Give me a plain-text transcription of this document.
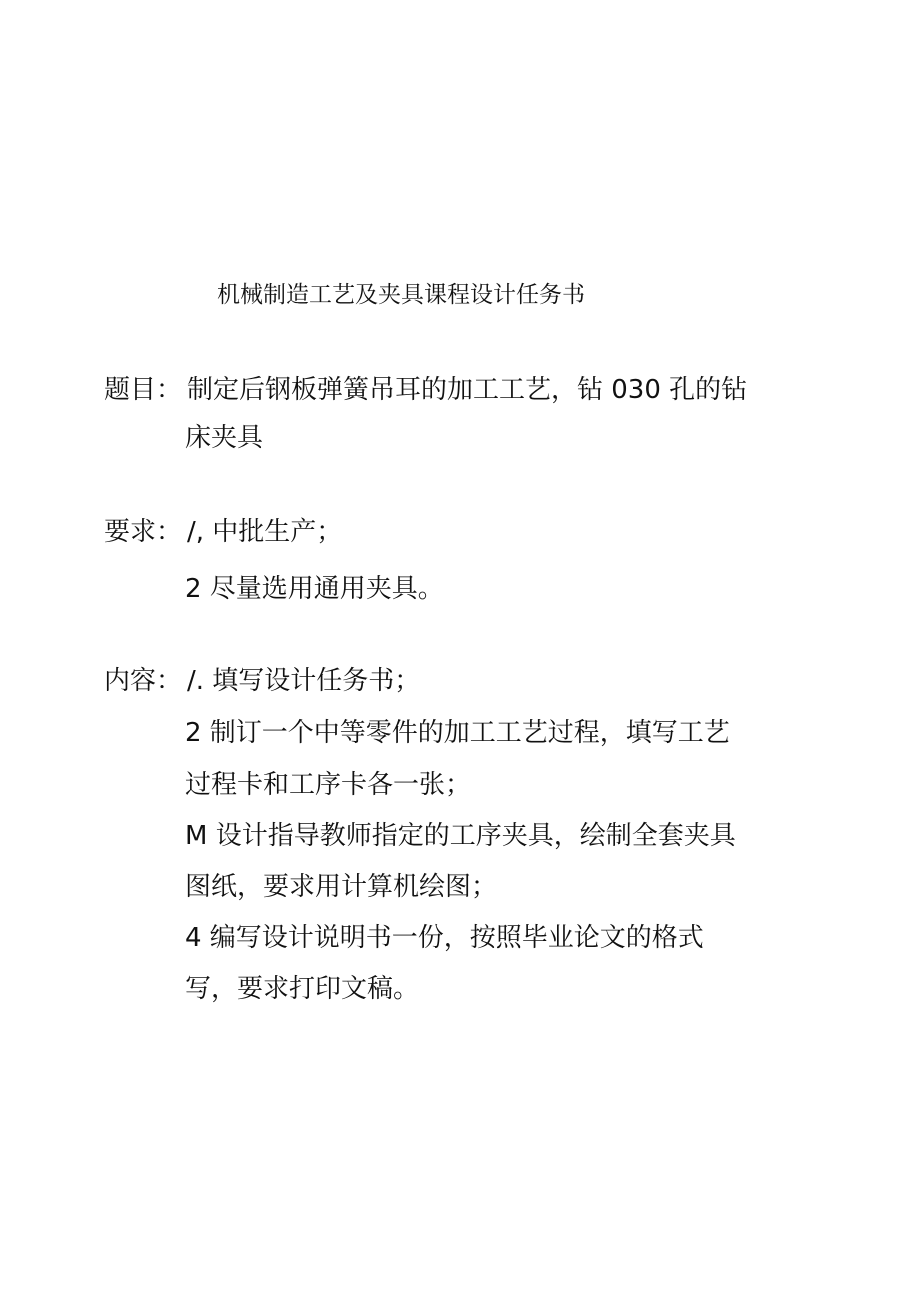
机械制造工艺及夹具课程设计任务书
题目： 制定后钢板弹簧吊耳的加工工艺，钻 030 孔的钻
床夹具
要求： /, 中批生产；
2 尽量选用通用夹具。
内容： /. 填写设计任务书；
2 制订一个中等零件的加工工艺过程，填写工艺
过程卡和工序卡各一张；
M 设计指导教师指定的工序夹具，绘制全套夹具
图纸，要求用计算机绘图；
4 编写设计说明书一份，按照毕业论文的格式
写，要求打印文稿。
